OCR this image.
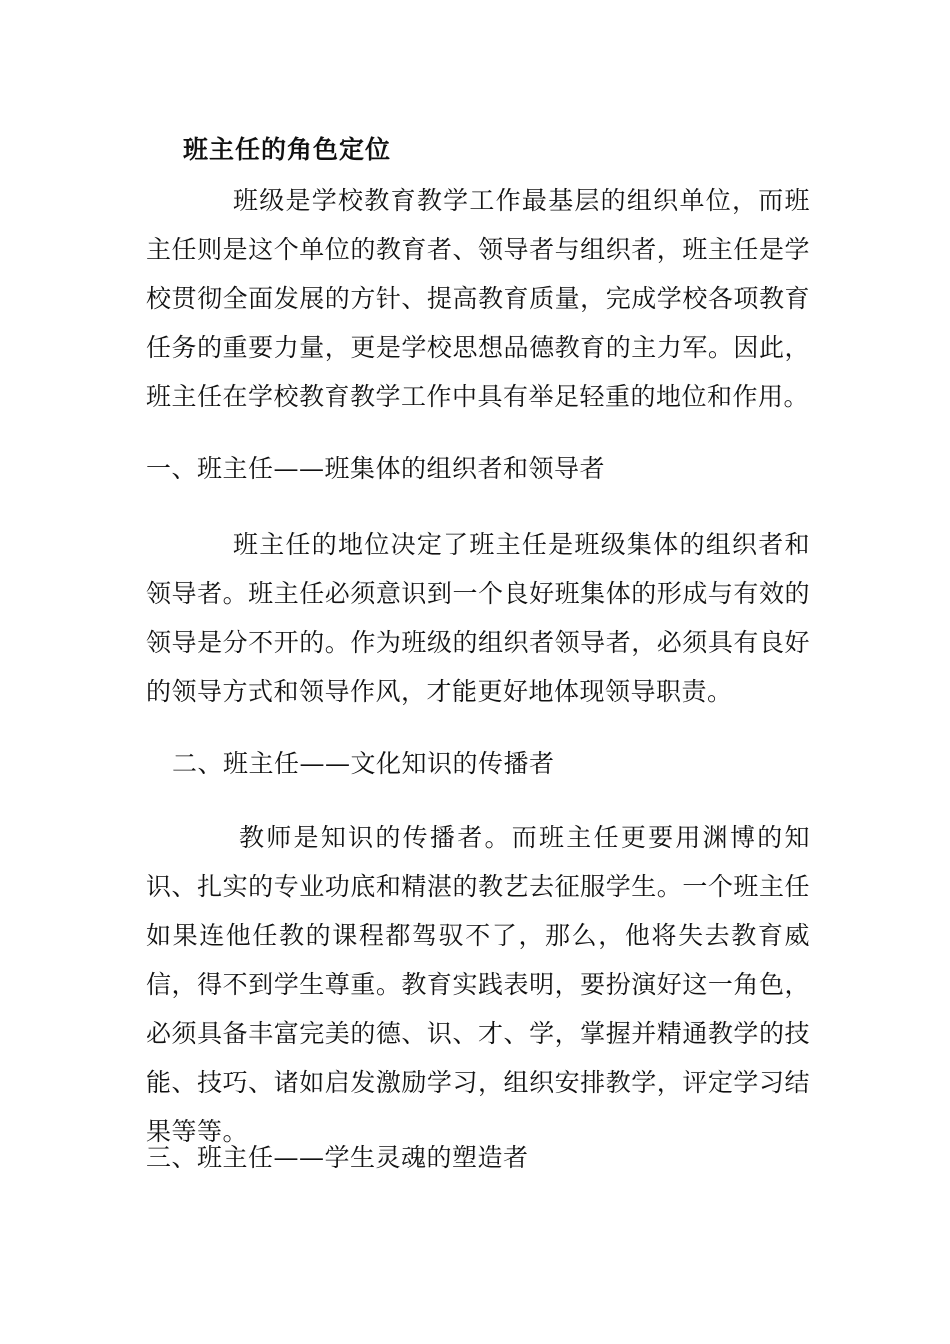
班主任的角色定位
班级是学校教育教学工作最基层的组织单位，而班主任则是这个单位的教育者、领导者与组织者，班主任是学校贯彻全面发展的方针、提高教育质量，完成学校各项教育任务的重要力量，更是学校思想品德教育的主力军。因此，班主任在学校教育教学工作中具有举足轻重的地位和作用。
一、班主任——班集体的组织者和领导者
班主任的地位决定了班主任是班级集体的组织者和领导者。班主任必须意识到一个良好班集体的形成与有效的领导是分不开的。作为班级的组织者领导者，必须具有良好的领导方式和领导作风，才能更好地体现领导职责。
二、班主任——文化知识的传播者
教师是知识的传播者。而班主任更要用渊博的知识、扎实的专业功底和精湛的教艺去征服学生。一个班主任如果连他任教的课程都驾驭不了，那么，他将失去教育威信，得不到学生尊重。教育实践表明，要扮演好这一角色，必须具备丰富完美的德、识、才、学，掌握并精通教学的技能、技巧、诸如启发激励学习，组织安排教学，评定学习结果等等。
三、班主任——学生灵魂的塑造者
